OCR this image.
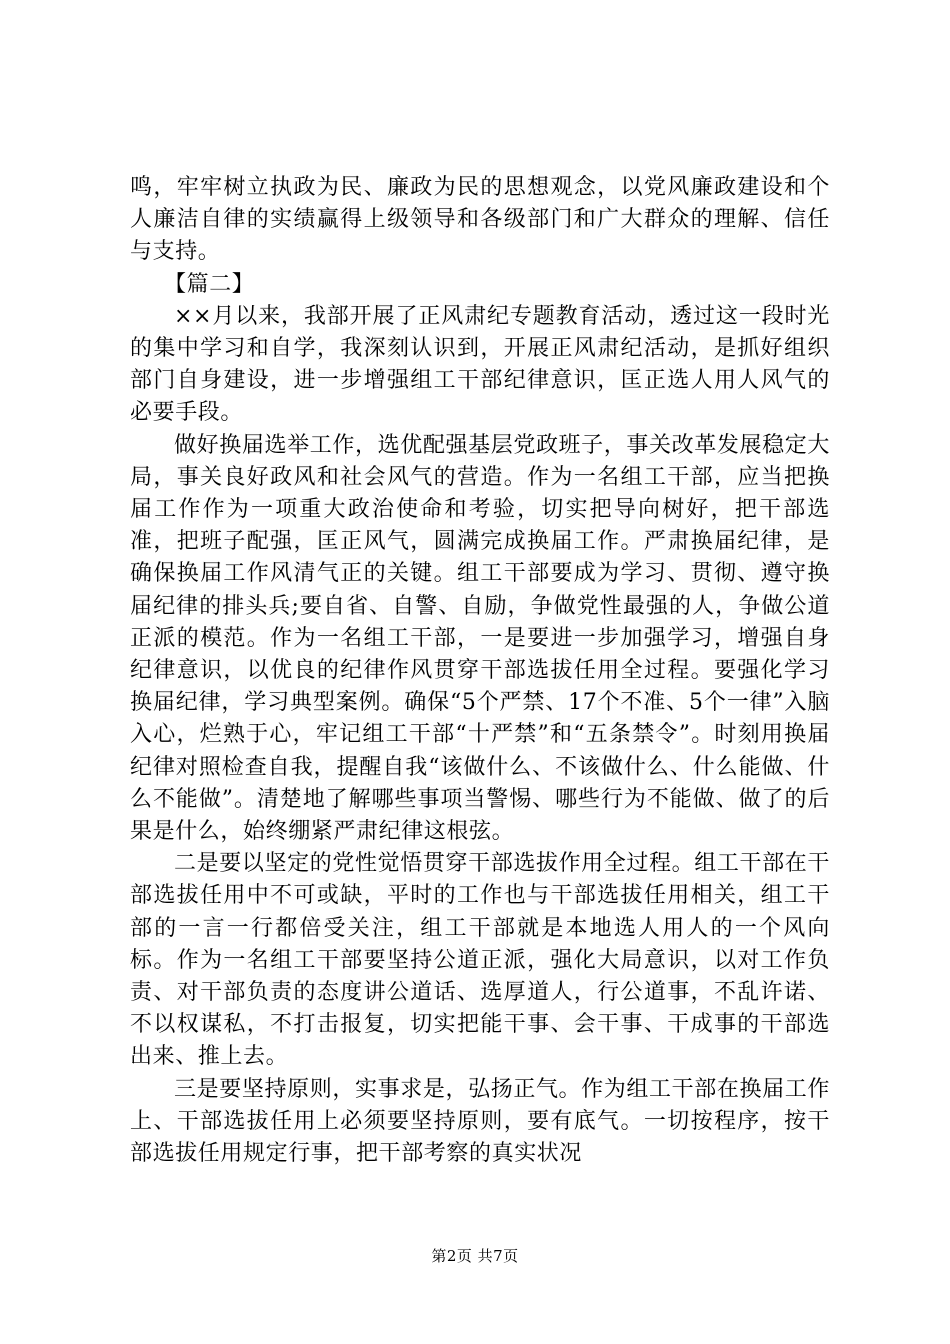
鸣，牢牢树立执政为民、廉政为民的思想观念，以党风廉政建设和个人廉洁自律的实绩赢得上级领导和各级部门和广大群众的理解、信任与支持。

【篇二】

××月以来，我部开展了正风肃纪专题教育活动，透过这一段时光的集中学习和自学，我深刻认识到，开展正风肃纪活动，是抓好组织部门自身建设，进一步增强组工干部纪律意识，匡正选人用人风气的必要手段。

做好换届选举工作，选优配强基层党政班子，事关改革发展稳定大局，事关良好政风和社会风气的营造。作为一名组工干部，应当把换届工作作为一项重大政治使命和考验，切实把导向树好，把干部选准，把班子配强，匡正风气，圆满完成换届工作。严肃换届纪律，是确保换届工作风清气正的关键。组工干部要成为学习、贯彻、遵守换届纪律的排头兵;要自省、自警、自励，争做党性最强的人，争做公道正派的模范。作为一名组工干部，一是要进一步加强学习，增强自身纪律意识，以优良的纪律作风贯穿干部选拔任用全过程。要强化学习换届纪律，学习典型案例。确保“5个严禁、17个不准、5个一律”入脑入心，烂熟于心，牢记组工干部“十严禁”和“五条禁令”。时刻用换届纪律对照检查自我，提醒自我“该做什么、不该做什么、什么能做、什么不能做”。清楚地了解哪些事项当警惕、哪些行为不能做、做了的后果是什么，始终绷紧严肃纪律这根弦。

二是要以坚定的党性觉悟贯穿干部选拔作用全过程。组工干部在干部选拔任用中不可或缺，平时的工作也与干部选拔任用相关，组工干部的一言一行都倍受关注，组工干部就是本地选人用人的一个风向标。作为一名组工干部要坚持公道正派，强化大局意识，以对工作负责、对干部负责的态度讲公道话、选厚道人，行公道事，不乱许诺、不以权谋私，不打击报复，切实把能干事、会干事、干成事的干部选出来、推上去。

三是要坚持原则，实事求是，弘扬正气。作为组工干部在换届工作上、干部选拔任用上必须要坚持原则，要有底气。一切按程序，按干部选拔任用规定行事，把干部考察的真实状况

第2页 共7页
